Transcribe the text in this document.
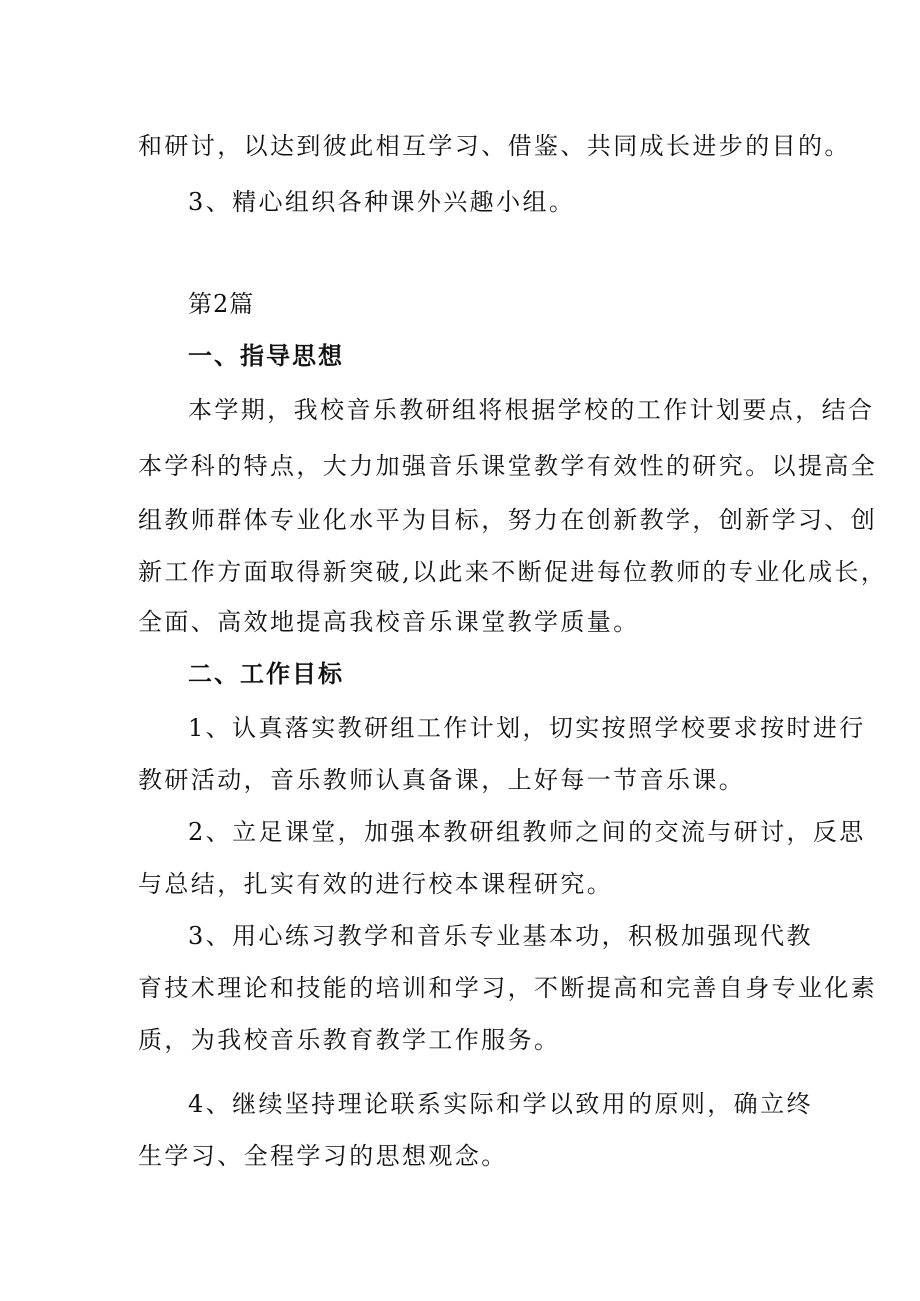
和研讨，以达到彼此相互学习、借鉴、共同成长进步的目的。
3、精心组织各种课外兴趣小组。
第2篇
一、指导思想
本学期，我校音乐教研组将根据学校的工作计划要点，结合
本学科的特点，大力加强音乐课堂教学有效性的研究。以提高全
组教师群体专业化水平为目标，努力在创新教学，创新学习、创
新工作方面取得新突破,以此来不断促进每位教师的专业化成长，
全面、高效地提高我校音乐课堂教学质量。
二、工作目标
1、认真落实教研组工作计划，切实按照学校要求按时进行
教研活动，音乐教师认真备课，上好每一节音乐课。
2、立足课堂，加强本教研组教师之间的交流与研讨，反思
与总结，扎实有效的进行校本课程研究。
3、用心练习教学和音乐专业基本功，积极加强现代教
育技术理论和技能的培训和学习，不断提高和完善自身专业化素
质，为我校音乐教育教学工作服务。
4、继续坚持理论联系实际和学以致用的原则，确立终
生学习、全程学习的思想观念。
